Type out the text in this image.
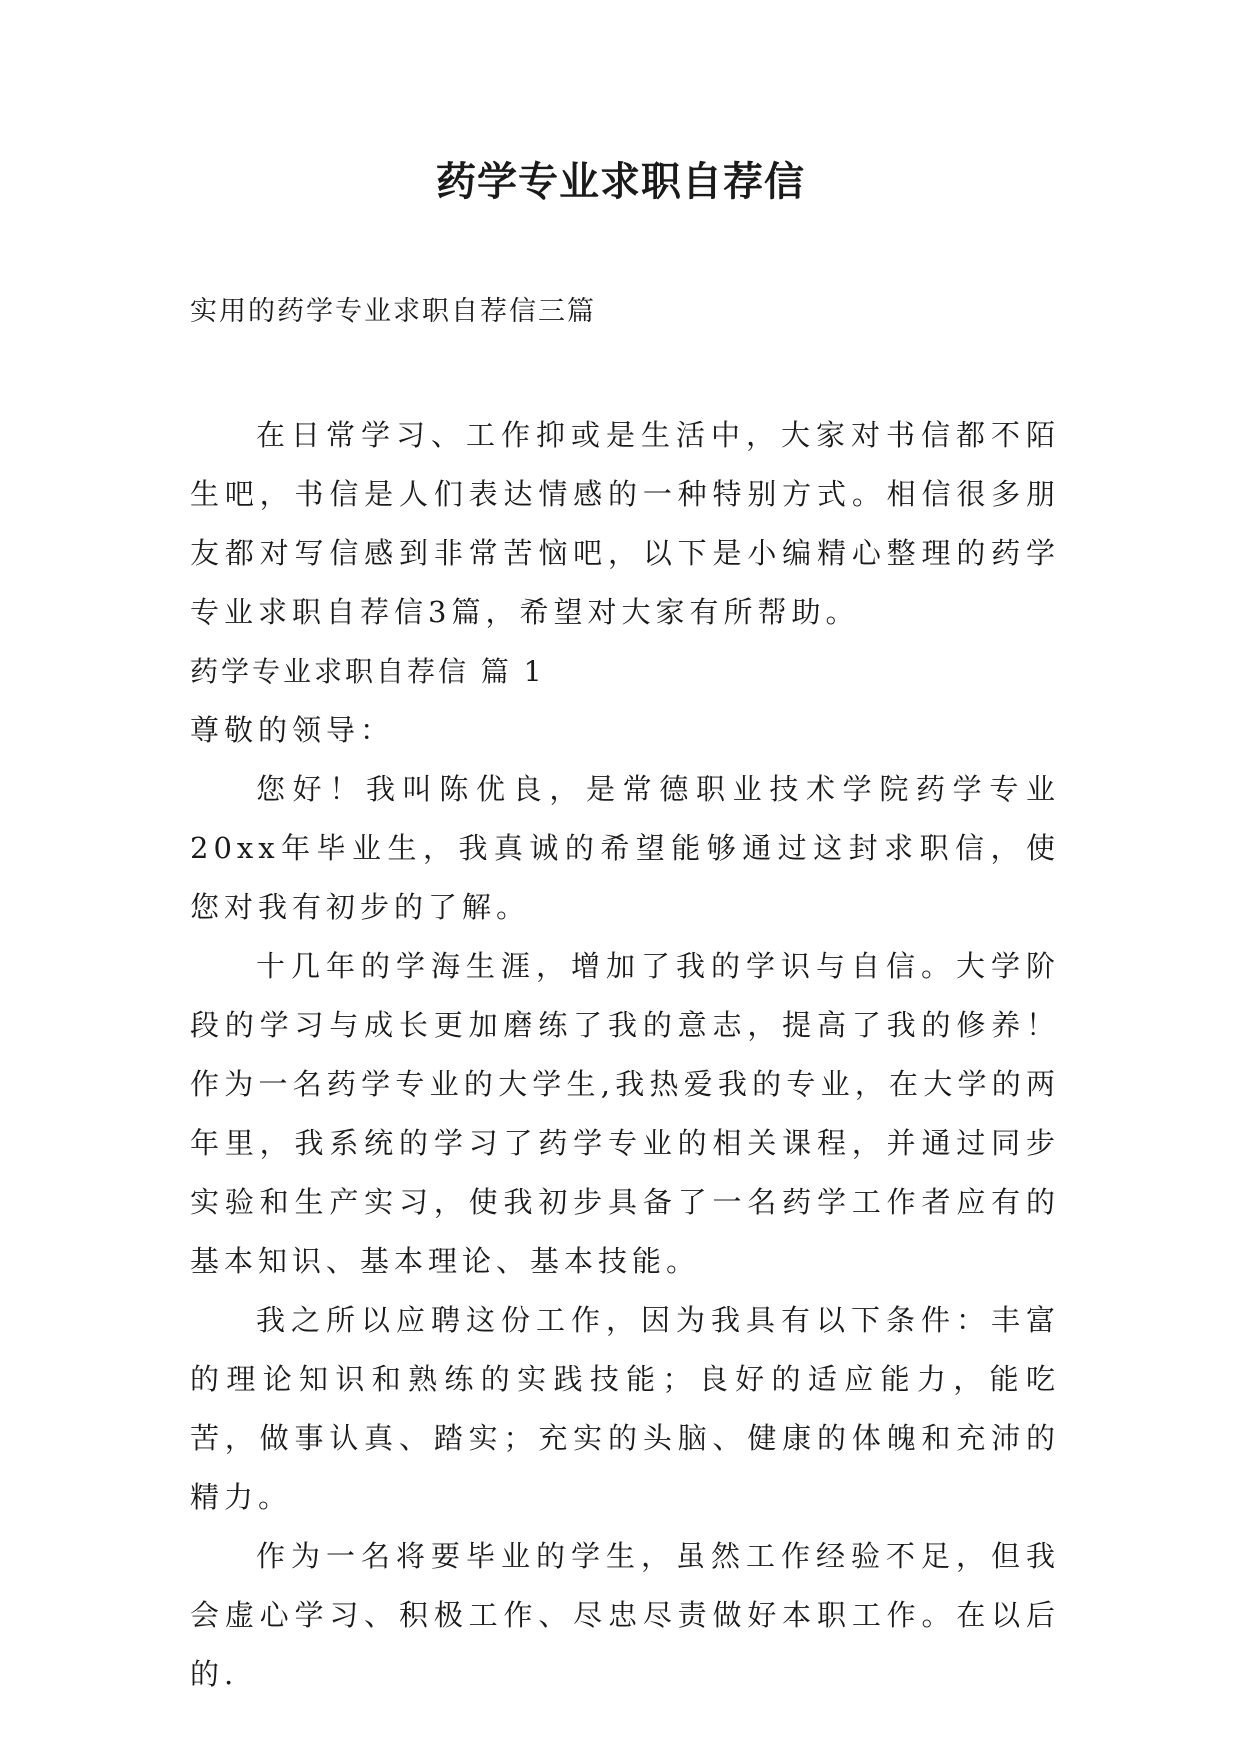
药学专业求职自荐信
实用的药学专业求职自荐信三篇

在日常学习、工作抑或是生活中，大家对书信都不陌生吧，书信是人们表达情感的一种特别方式。相信很多朋友都对写信感到非常苦恼吧，以下是小编精心整理的药学专业求职自荐信3篇，希望对大家有所帮助。

药学专业求职自荐信 篇 1

尊敬的领导：

您好！我叫陈优良，是常德职业技术学院药学专业20xx年毕业生，我真诚的希望能够通过这封求职信，使您对我有初步的了解。

十几年的学海生涯，增加了我的学识与自信。大学阶段的学习与成长更加磨练了我的意志，提高了我的修养！作为一名药学专业的大学生,我热爱我的专业，在大学的两年里，我系统的学习了药学专业的相关课程，并通过同步实验和生产实习，使我初步具备了一名药学工作者应有的基本知识、基本理论、基本技能。

我之所以应聘这份工作，因为我具有以下条件：丰富的理论知识和熟练的实践技能；良好的适应能力，能吃苦，做事认真、踏实；充实的头脑、健康的体魄和充沛的精力。

作为一名将要毕业的学生，虽然工作经验不足，但我会虚心学习、积极工作、尽忠尽责做好本职工作。在以后的.
